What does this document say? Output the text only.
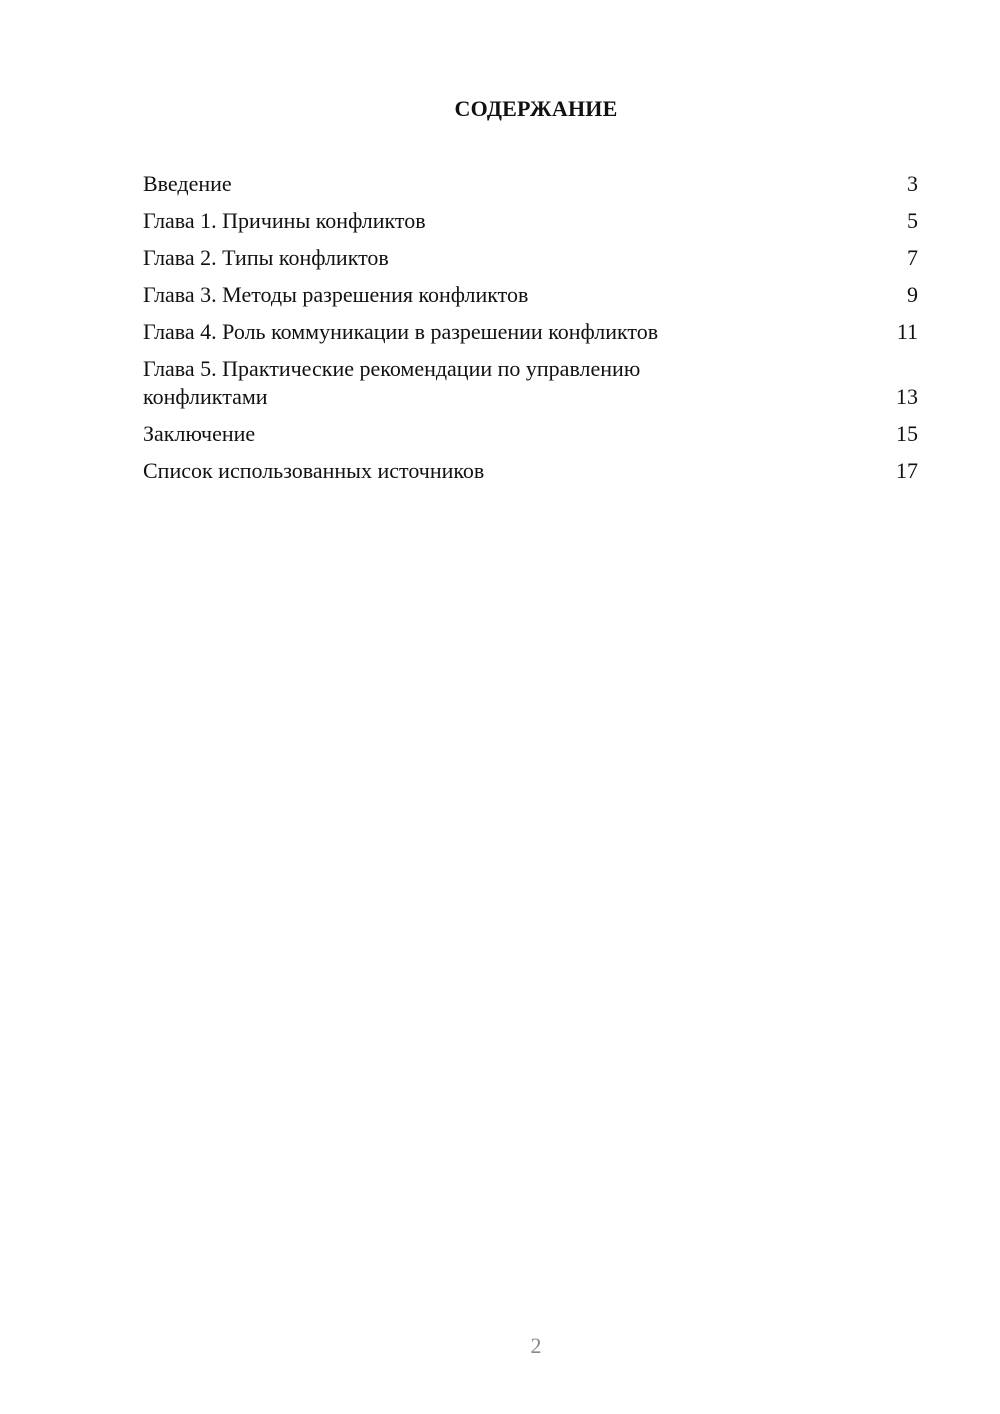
СОДЕРЖАНИЕ
Введение	3
Глава 1. Причины конфликтов	5
Глава 2. Типы конфликтов	7
Глава 3. Методы разрешения конфликтов	9
Глава 4. Роль коммуникации в разрешении конфликтов	11
Глава 5. Практические рекомендации по управлению конфликтами	13
Заключение	15
Список использованных источников	17
2
